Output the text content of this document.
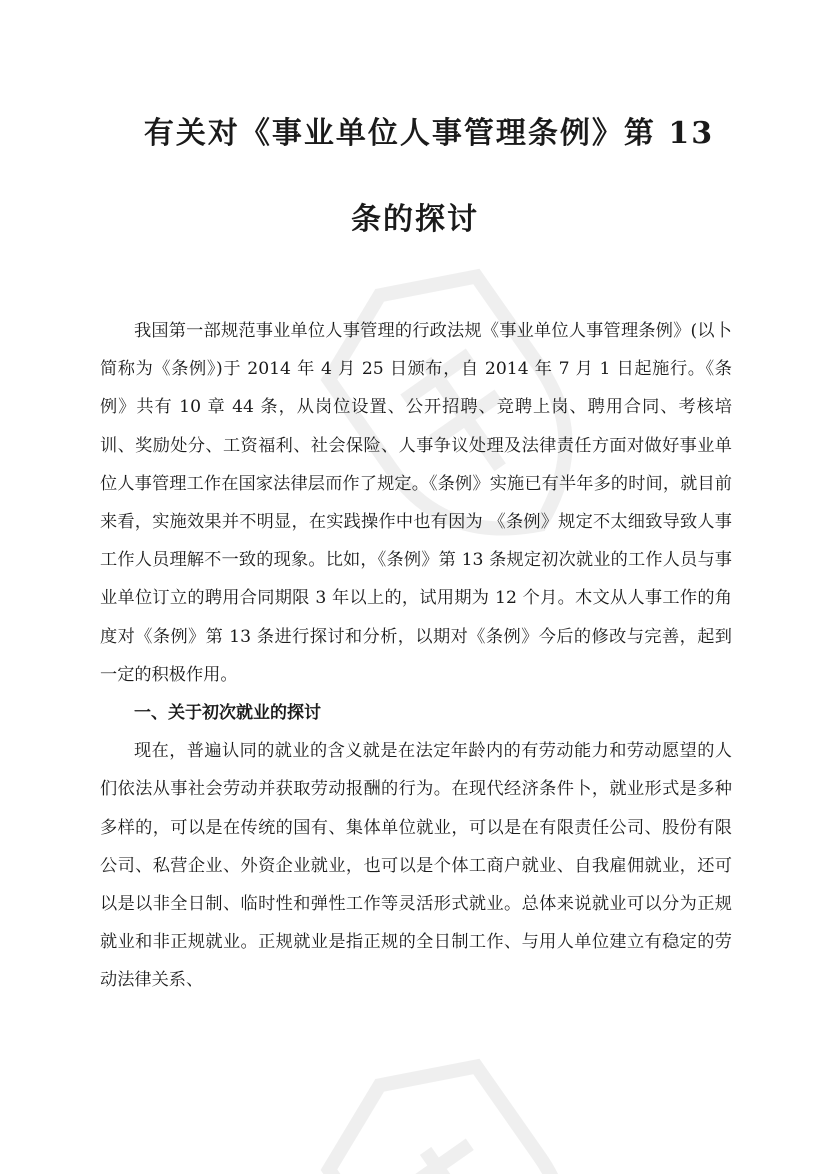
有关对《事业单位人事管理条例》第 13
条的探讨

我国第一部规范事业单位人事管理的行政法规《事业单位人事管理条例》(以卜简称为《条例》)于 2014 年 4 月 25 日颁布，自 2014 年 7 月 1 日起施行。《条例》共有 10 章 44 条，从岗位设置、公开招聘、竞聘上岗、聘用合同、考核培训、奖励处分、工资福利、社会保险、人事争议处理及法律责任方面对做好事业单位人事管理工作在国家法律层而作了规定。《条例》实施已有半年多的时间，就目前来看，实施效果并不明显，在实践操作中也有因为 《条例》规定不太细致导致人事工作人员理解不一致的现象。比如，《条例》第 13 条规定初次就业的工作人员与事业单位订立的聘用合同期限 3 年以上的，试用期为 12 个月。木文从人事工作的角度对《条例》第 13 条进行探讨和分析，以期对《条例》今后的修改与完善，起到一定的积极作用。

一、关于初次就业的探讨

现在，普遍认同的就业的含义就是在法定年龄内的有劳动能力和劳动愿望的人们依法从事社会劳动并获取劳动报酬的行为。在现代经济条件卜，就业形式是多种多样的，可以是在传统的国有、集体单位就业，可以是在有限责任公司、股份有限公司、私营企业、外资企业就业，也可以是个体工商户就业、自我雇佣就业，还可以是以非全日制、临时性和弹性工作等灵活形式就业。总体来说就业可以分为正规就业和非正规就业。正规就业是指正规的全日制工作、与用人单位建立有稳定的劳动法律关系、
